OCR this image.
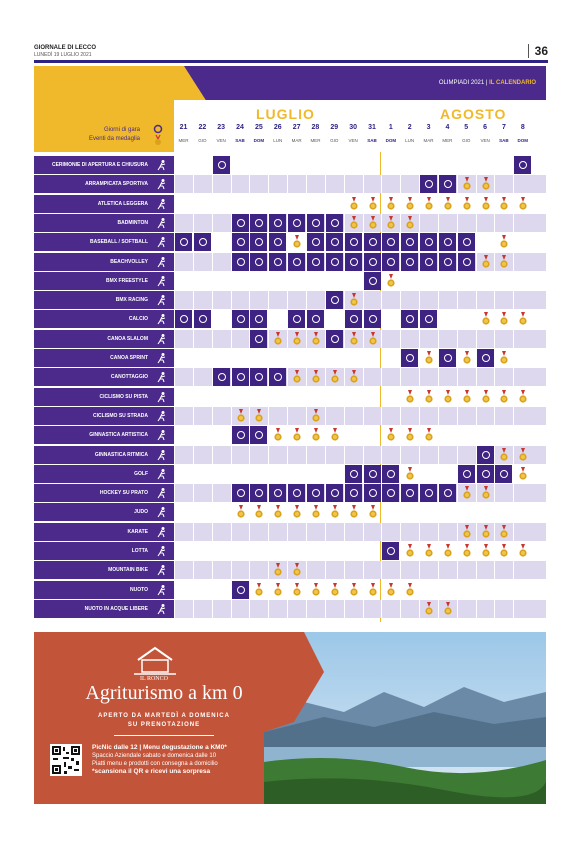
GIORNALE DI LECCO
LUNEDÌ 19 LUGLIO 2021	36
OLIMPIADI 2021 | IL CALENDARIO
Giorni di gara
Eventi da medaglia
LUGLIO	AGOSTO
21
MER
22
GIO
23
VEN
24
SAB
25
DOM
26
LUN
27
MAR
28
MER
29
GIO
30
VEN
31
SAB
1
DOM
2
LUN
3
MAR
4
MER
5
GIO
6
VEN
7
SAB
8
DOM
CERIMONIE DI APERTURA E CHIUSURA
ARRAMPICATA SPORTIVA
ATLETICA LEGGERA
BADMINTON
BASEBALL / SOFTBALL
BEACHVOLLEY
BMX FREESTYLE
BMX RACING
CALCIO
CANOA SLALOM
CANOA SPRINT
CANOTTAGGIO
CICLISMO SU PISTA
CICLISMO SU STRADA
GINNASTICA ARTISTICA
GINNASTICA RITMICA
GOLF
HOCKEY SU PRATO
JUDO
KARATE
LOTTA
MOUNTAIN BIKE
NUOTO
NUOTO IN ACQUE LIBERE
IL RONCO
Agriturismo a km 0
APERTO DA MARTEDÌ A DOMENICA
SU PRENOTAZIONE
PicNic dalle 12 | Menu degustazione a KM0*
Spaccio Aziendale sabato e domenica dalle 10
Piatti menu e prodotti con consegna a domicilio
*scansiona il QR e ricevi una sorpresa
